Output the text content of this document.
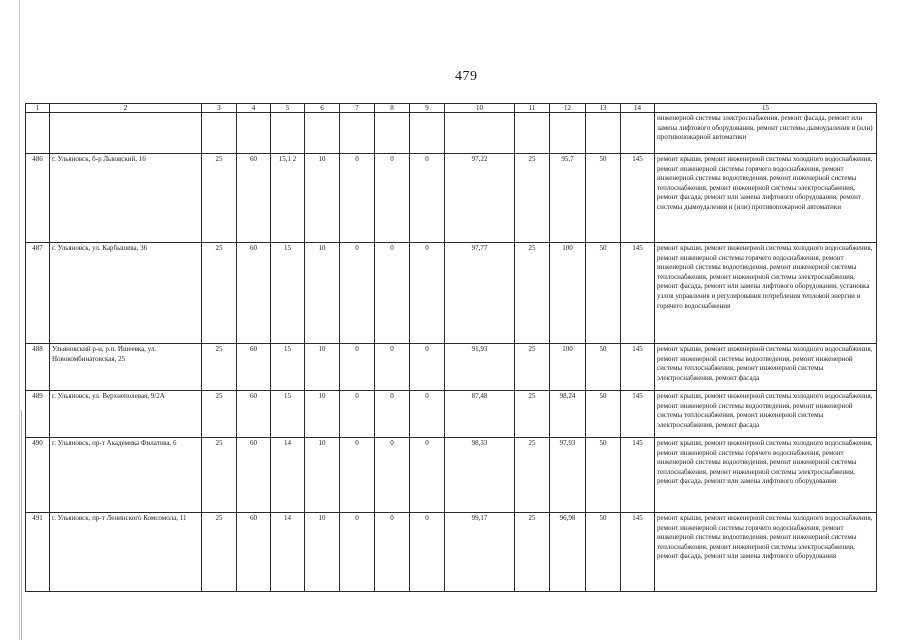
479
1	2	3	4	5	6	7	8	9	10	11	12	13	14	15
														инженерной системы электроснабжения, ремонт фасада, ремонт или замена лифтового оборудования, ремонт системы дымоудаления и (или) противопожарной автоматики
486	г. Ульяновск, б-р Львовский, 16	25	60	15,1 2	10	0	0	0	97,22	25	95,7	50	145	ремонт крыши, ремонт инженерной системы холодного водоснабжения, ремонт инженерной системы горячего водоснабжения, ремонт инженерной системы водоотведения, ремонт инженерной системы теплоснабжения, ремонт инженерной системы электроснабжения, ремонт фасада, ремонт или замена лифтового оборудования, ремонт системы дымоудаления и (или) противопожарной автоматики
487	г. Ульяновск, ул. Карбышева, 36	25	60	15	10	0	0	0	97,77	25	100	50	145	ремонт крыши, ремонт инженерной системы холодного водоснабжения, ремонт инженерной системы горячего водоснабжения, ремонт инженерной системы водоотведения, ремонт инженерной системы теплоснабжения, ремонт инженерной системы электроснабжения, ремонт фасада, ремонт или замена лифтового оборудования, установка узлов управления и регулирования потребления тепловой энергии и горячего водоснабжения
488	Ульяновский р-н, р.п. Ишеевка, ул. Новокомбинатовская, 25	25	60	15	10	0	0	0	91,93	25	100	50	145	ремонт крыши, ремонт инженерной системы холодного водоснабжения, ремонт инженерной системы водоотведения, ремонт инженерной системы теплоснабжения, ремонт инженерной системы электроснабжения, ремонт фасада
489	г. Ульяновск, ул. Верхнеполевая, 9/2А	25	60	15	10	0	0	0	87,48	25	98,24	50	145	ремонт крыши, ремонт инженерной системы холодного водоснабжения, ремонт инженерной системы водоотведения, ремонт инженерной системы теплоснабжения, ремонт инженерной системы электроснабжения, ремонт фасада
490	г. Ульяновск, пр-т Академика Филатова, 6	25	60	14	10	0	0	0	98,33	25	97,93	50	145	ремонт крыши, ремонт инженерной системы холодного водоснабжения, ремонт инженерной системы горячего водоснабжения, ремонт инженерной системы водоотведения, ремонт инженерной системы теплоснабжения, ремонт инженерной системы электроснабжения, ремонт фасада, ремонт или замена лифтового оборудования
491	г. Ульяновск, пр-т Ленинского Комсомола, 11	25	60	14	10	0	0	0	99,17	25	96,98	50	145	ремонт крыши, ремонт инженерной системы холодного водоснабжения, ремонт инженерной системы горячего водоснабжения, ремонт инженерной системы водоотведения, ремонт инженерной системы теплоснабжения, ремонт инженерной системы электроснабжения, ремонт фасада, ремонт или замена лифтового оборудования
